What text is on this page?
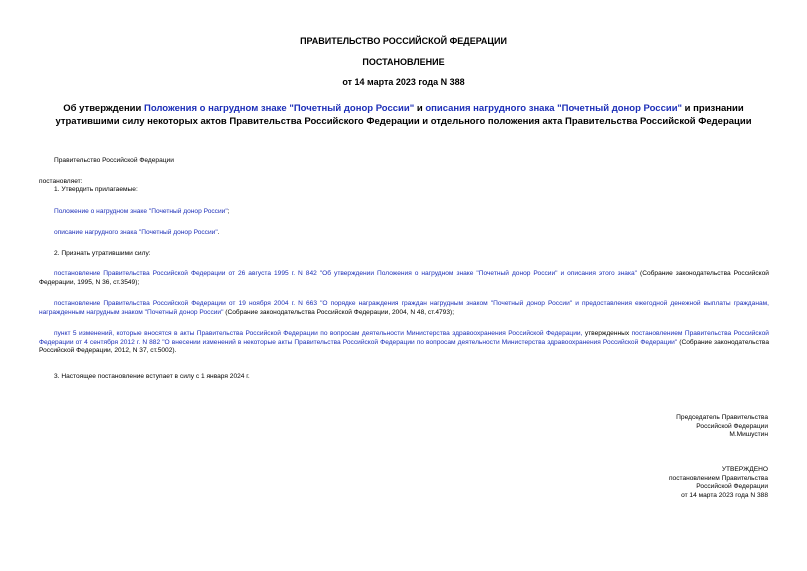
ПРАВИТЕЛЬСТВО РОССИЙСКОЙ ФЕДЕРАЦИИ

ПОСТАНОВЛЕНИЕ

от 14 марта 2023 года N 388

Об утверждении Положения о нагрудном знаке "Почетный донор России" и описания нагрудного знака "Почетный донор России" и признании утратившими силу некоторых актов Правительства Российского Федерации и отдельного положения акта Правительства Российской Федерации

Правительство Российской Федерации

постановляет:

1. Утвердить прилагаемые:

Положение о нагрудном знаке "Почетный донор России";

описание нагрудного знака "Почетный донор России".

2. Признать утратившими силу:

постановление Правительства Российской Федерации от 26 августа 1995 г. N 842 "Об утверждении Положения о нагрудном знаке "Почетный донор России" и описания этого знака" (Собрание законодательства Российской Федерации, 1995, N 36, ст.3549);

постановление Правительства Российской Федерации от 19 ноября 2004 г. N 663 "О порядке награждения граждан нагрудным знаком "Почетный донор России" и предоставления ежегодной денежной выплаты гражданам, награжденным нагрудным знаком "Почетный донор России" (Собрание законодательства Российской Федерации, 2004, N 48, ст.4793);

пункт 5 изменений, которые вносятся в акты Правительства Российской Федерации по вопросам деятельности Министерства здравоохранения Российской Федерации, утвержденных постановлением Правительства Российской Федерации от 4 сентября 2012 г. N 882 "О внесении изменений в некоторые акты Правительства Российской Федерации по вопросам деятельности Министерства здравоохранения Российской Федерации" (Собрание законодательства Российской Федерации, 2012, N 37, ст.5002).

3. Настоящее постановление вступает в силу с 1 января 2024 г.

Председатель Правительства
Российской Федерации
М.Мишустин
УТВЕРЖДЕНО
постановлением Правительства
Российской Федерации
от 14 марта 2023 года N 388
